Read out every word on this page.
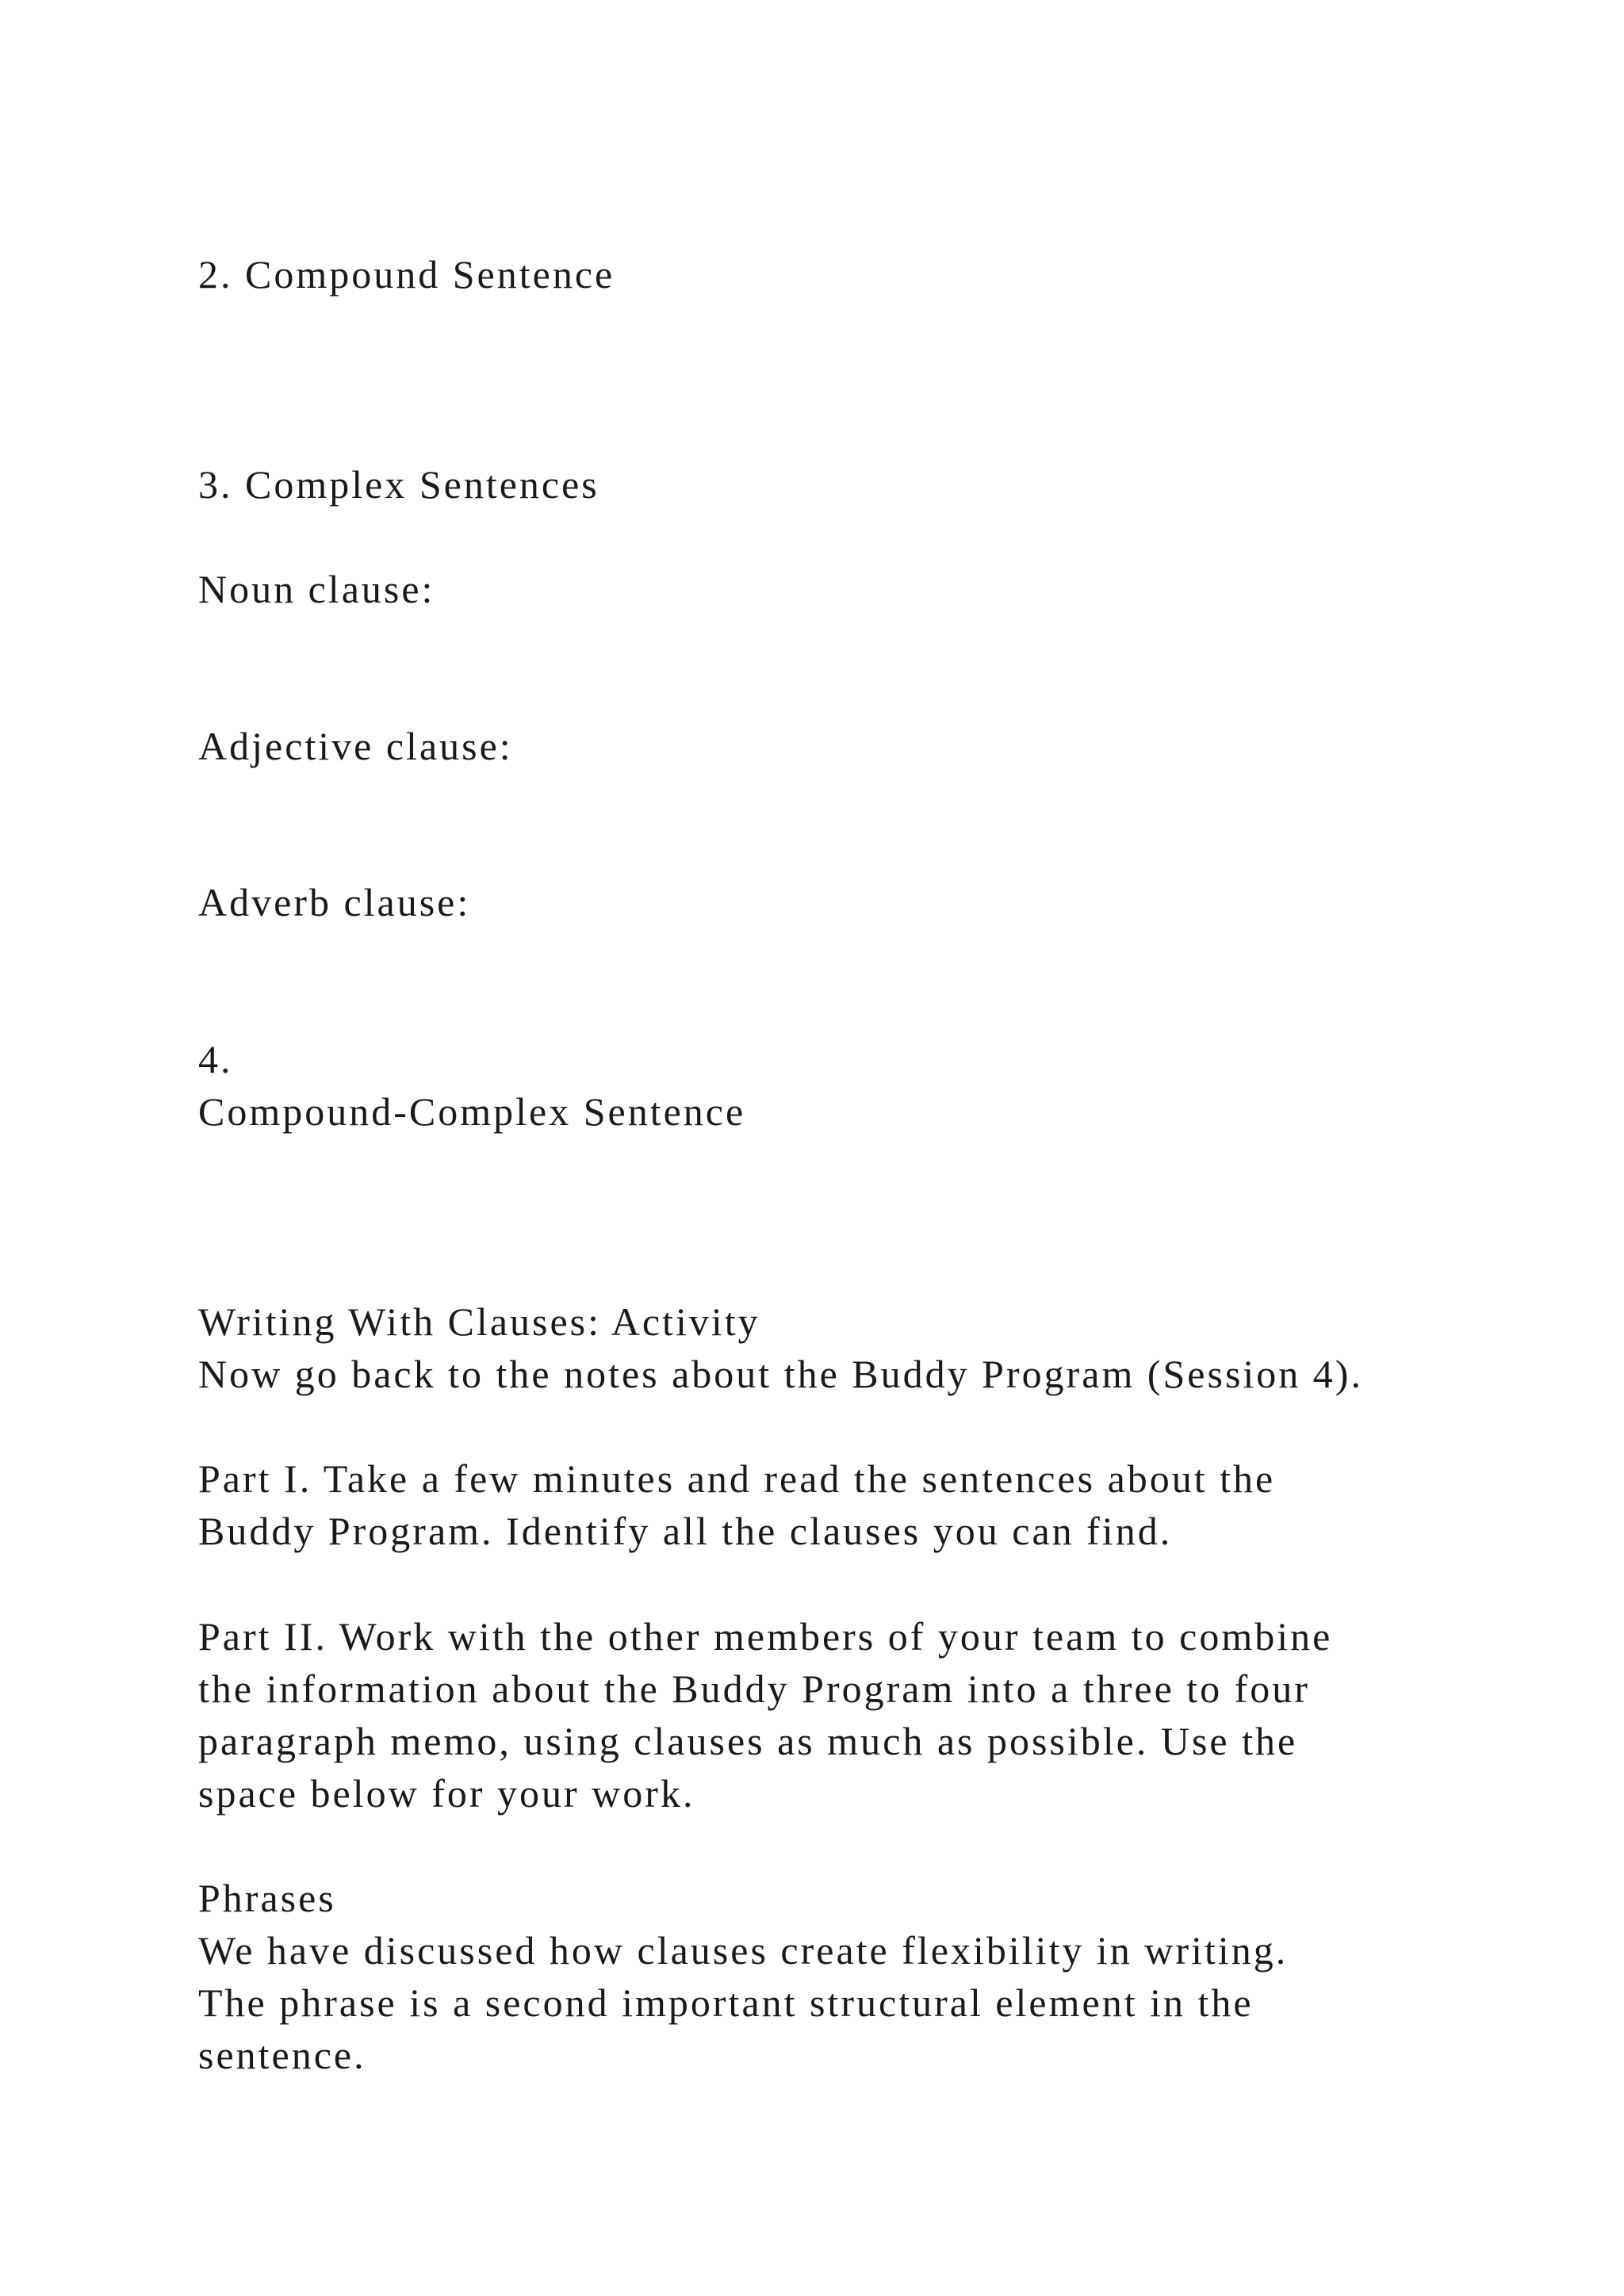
2. Compound Sentence
3. Complex Sentences
Noun clause:
Adjective clause:
Adverb clause:
4.
Compound-Complex Sentence
Writing With Clauses: Activity
Now go back to the notes about the Buddy Program (Session 4).
Part I. Take a few minutes and read the sentences about the
Buddy Program. Identify all the clauses you can find.
Part II. Work with the other members of your team to combine
the information about the Buddy Program into a three to four
paragraph memo, using clauses as much as possible. Use the
space below for your work.
Phrases
We have discussed how clauses create flexibility in writing.
The phrase is a second important structural element in the
sentence.
